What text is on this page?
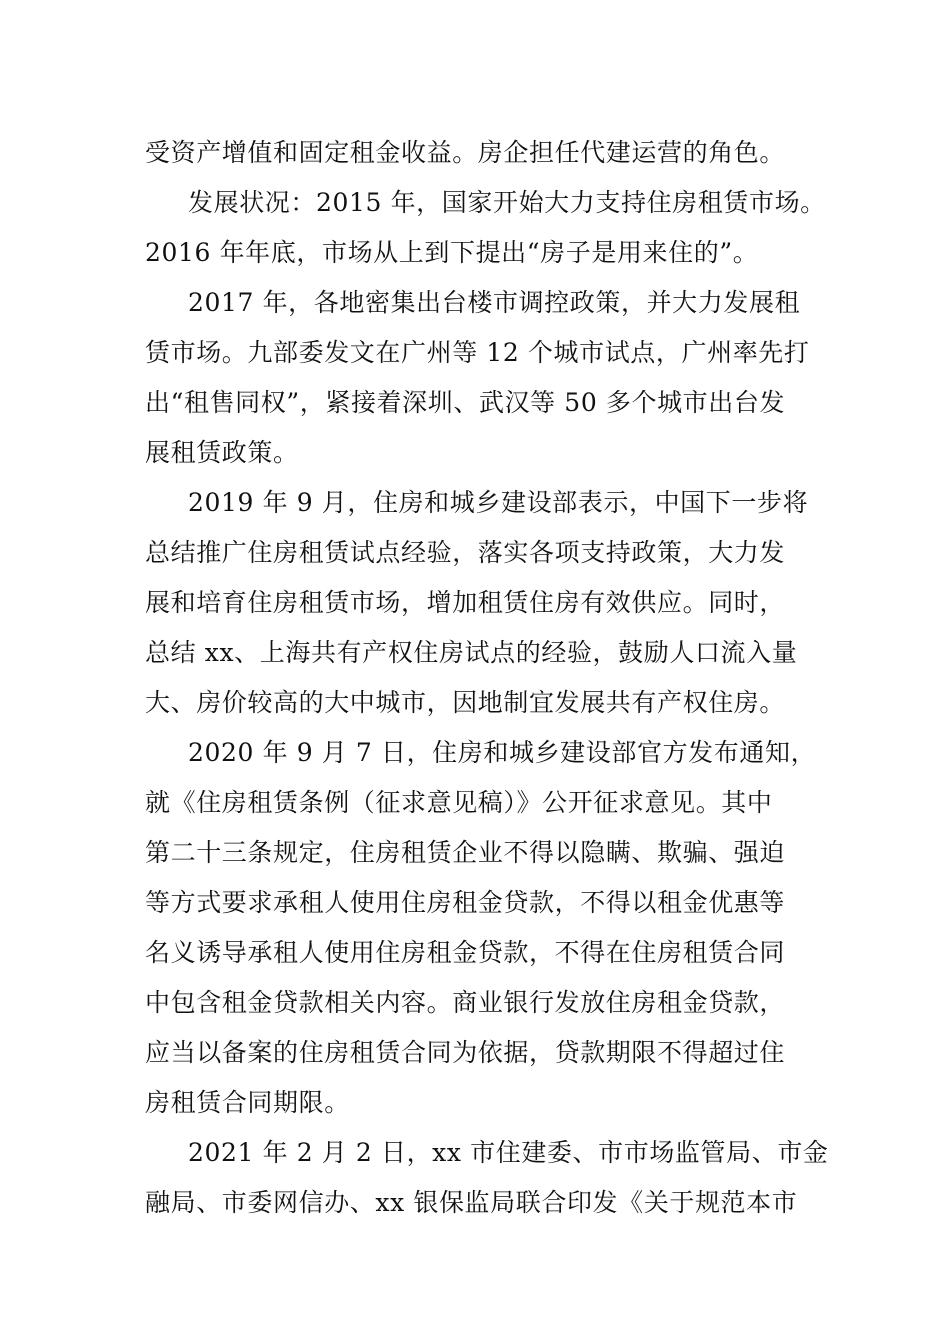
受资产增值和固定租金收益。房企担任代建运营的角色。
发展状况：2015 年，国家开始大力支持住房租赁市场。
2016 年年底，市场从上到下提出“房子是用来住的”。
2017 年，各地密集出台楼市调控政策，并大力发展租
赁市场。九部委发文在广州等 12 个城市试点，广州率先打
出“租售同权”，紧接着深圳、武汉等 50 多个城市出台发
展租赁政策。
2019 年 9 月，住房和城乡建设部表示，中国下一步将
总结推广住房租赁试点经验，落实各项支持政策，大力发
展和培育住房租赁市场，增加租赁住房有效供应。同时，
总结 xx、上海共有产权住房试点的经验，鼓励人口流入量
大、房价较高的大中城市，因地制宜发展共有产权住房。
2020 年 9 月 7 日，住房和城乡建设部官方发布通知，
就《住房租赁条例（征求意见稿）》公开征求意见。其中
第二十三条规定，住房租赁企业不得以隐瞒、欺骗、强迫
等方式要求承租人使用住房租金贷款，不得以租金优惠等
名义诱导承租人使用住房租金贷款，不得在住房租赁合同
中包含租金贷款相关内容。商业银行发放住房租金贷款，
应当以备案的住房租赁合同为依据，贷款期限不得超过住
房租赁合同期限。
2021 年 2 月 2 日，xx 市住建委、市市场监管局、市金
融局、市委网信办、xx 银保监局联合印发《关于规范本市
